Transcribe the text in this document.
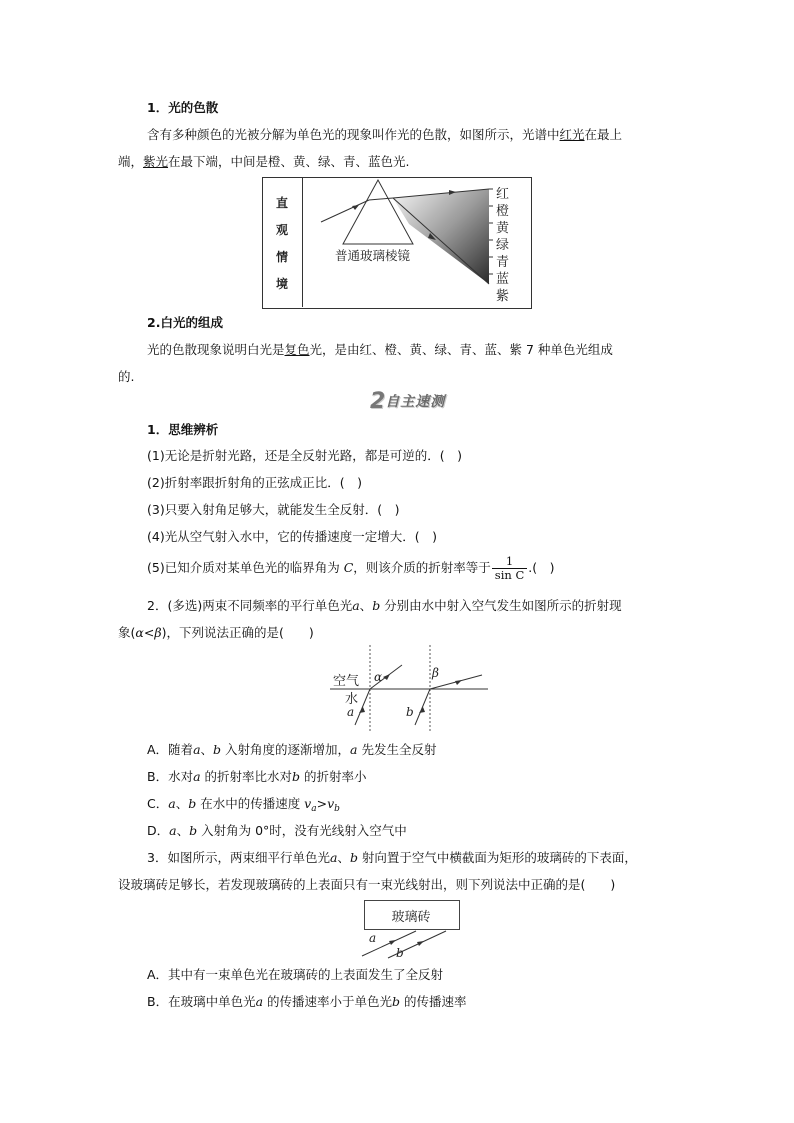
1．光的色散
含有多种颜色的光被分解为单色光的现象叫作光的色散，如图所示，光谱中红光在最上
端，紫光在最下端，中间是橙、黄、绿、青、蓝色光.
直
观
情
境
普通玻璃棱镜
红
橙
黄
绿
青
蓝
紫
2.白光的组成
光的色散现象说明白光是复色光，是由红、橙、黄、绿、青、蓝、紫 7 种单色光组成
的.
2自主速测
1．思维辨析
(1)无论是折射光路，还是全反射光路，都是可逆的．(　)
(2)折射率跟折射角的正弦成正比．(　)
(3)只要入射角足够大，就能发生全反射．(　)
(4)光从空气射入水中，它的传播速度一定增大．(　)
(5)已知介质对某单色光的临界角为 C，则该介质的折射率等于 $\frac{1}{\text{sin C}}$ .(　)
2．(多选)两束不同频率的平行单色光a、b 分别由水中射入空气发生如图所示的折射现
象(α<β)，下列说法正确的是(　　)
空气
水
α	β
a	b
A．随着a、b 入射角度的逐渐增加，a 先发生全反射
B．水对a 的折射率比水对b 的折射率小
C．a、b 在水中的传播速度 $v_a>v_b$
D．a、b 入射角为 0°时，没有光线射入空气中
3．如图所示，两束细平行单色光a、b 射向置于空气中横截面为矩形的玻璃砖的下表面，
设玻璃砖足够长，若发现玻璃砖的上表面只有一束光线射出，则下列说法中正确的是(　　)
玻璃砖
a
b
A．其中有一束单色光在玻璃砖的上表面发生了全反射
B．在玻璃中单色光a 的传播速率小于单色光b 的传播速率
